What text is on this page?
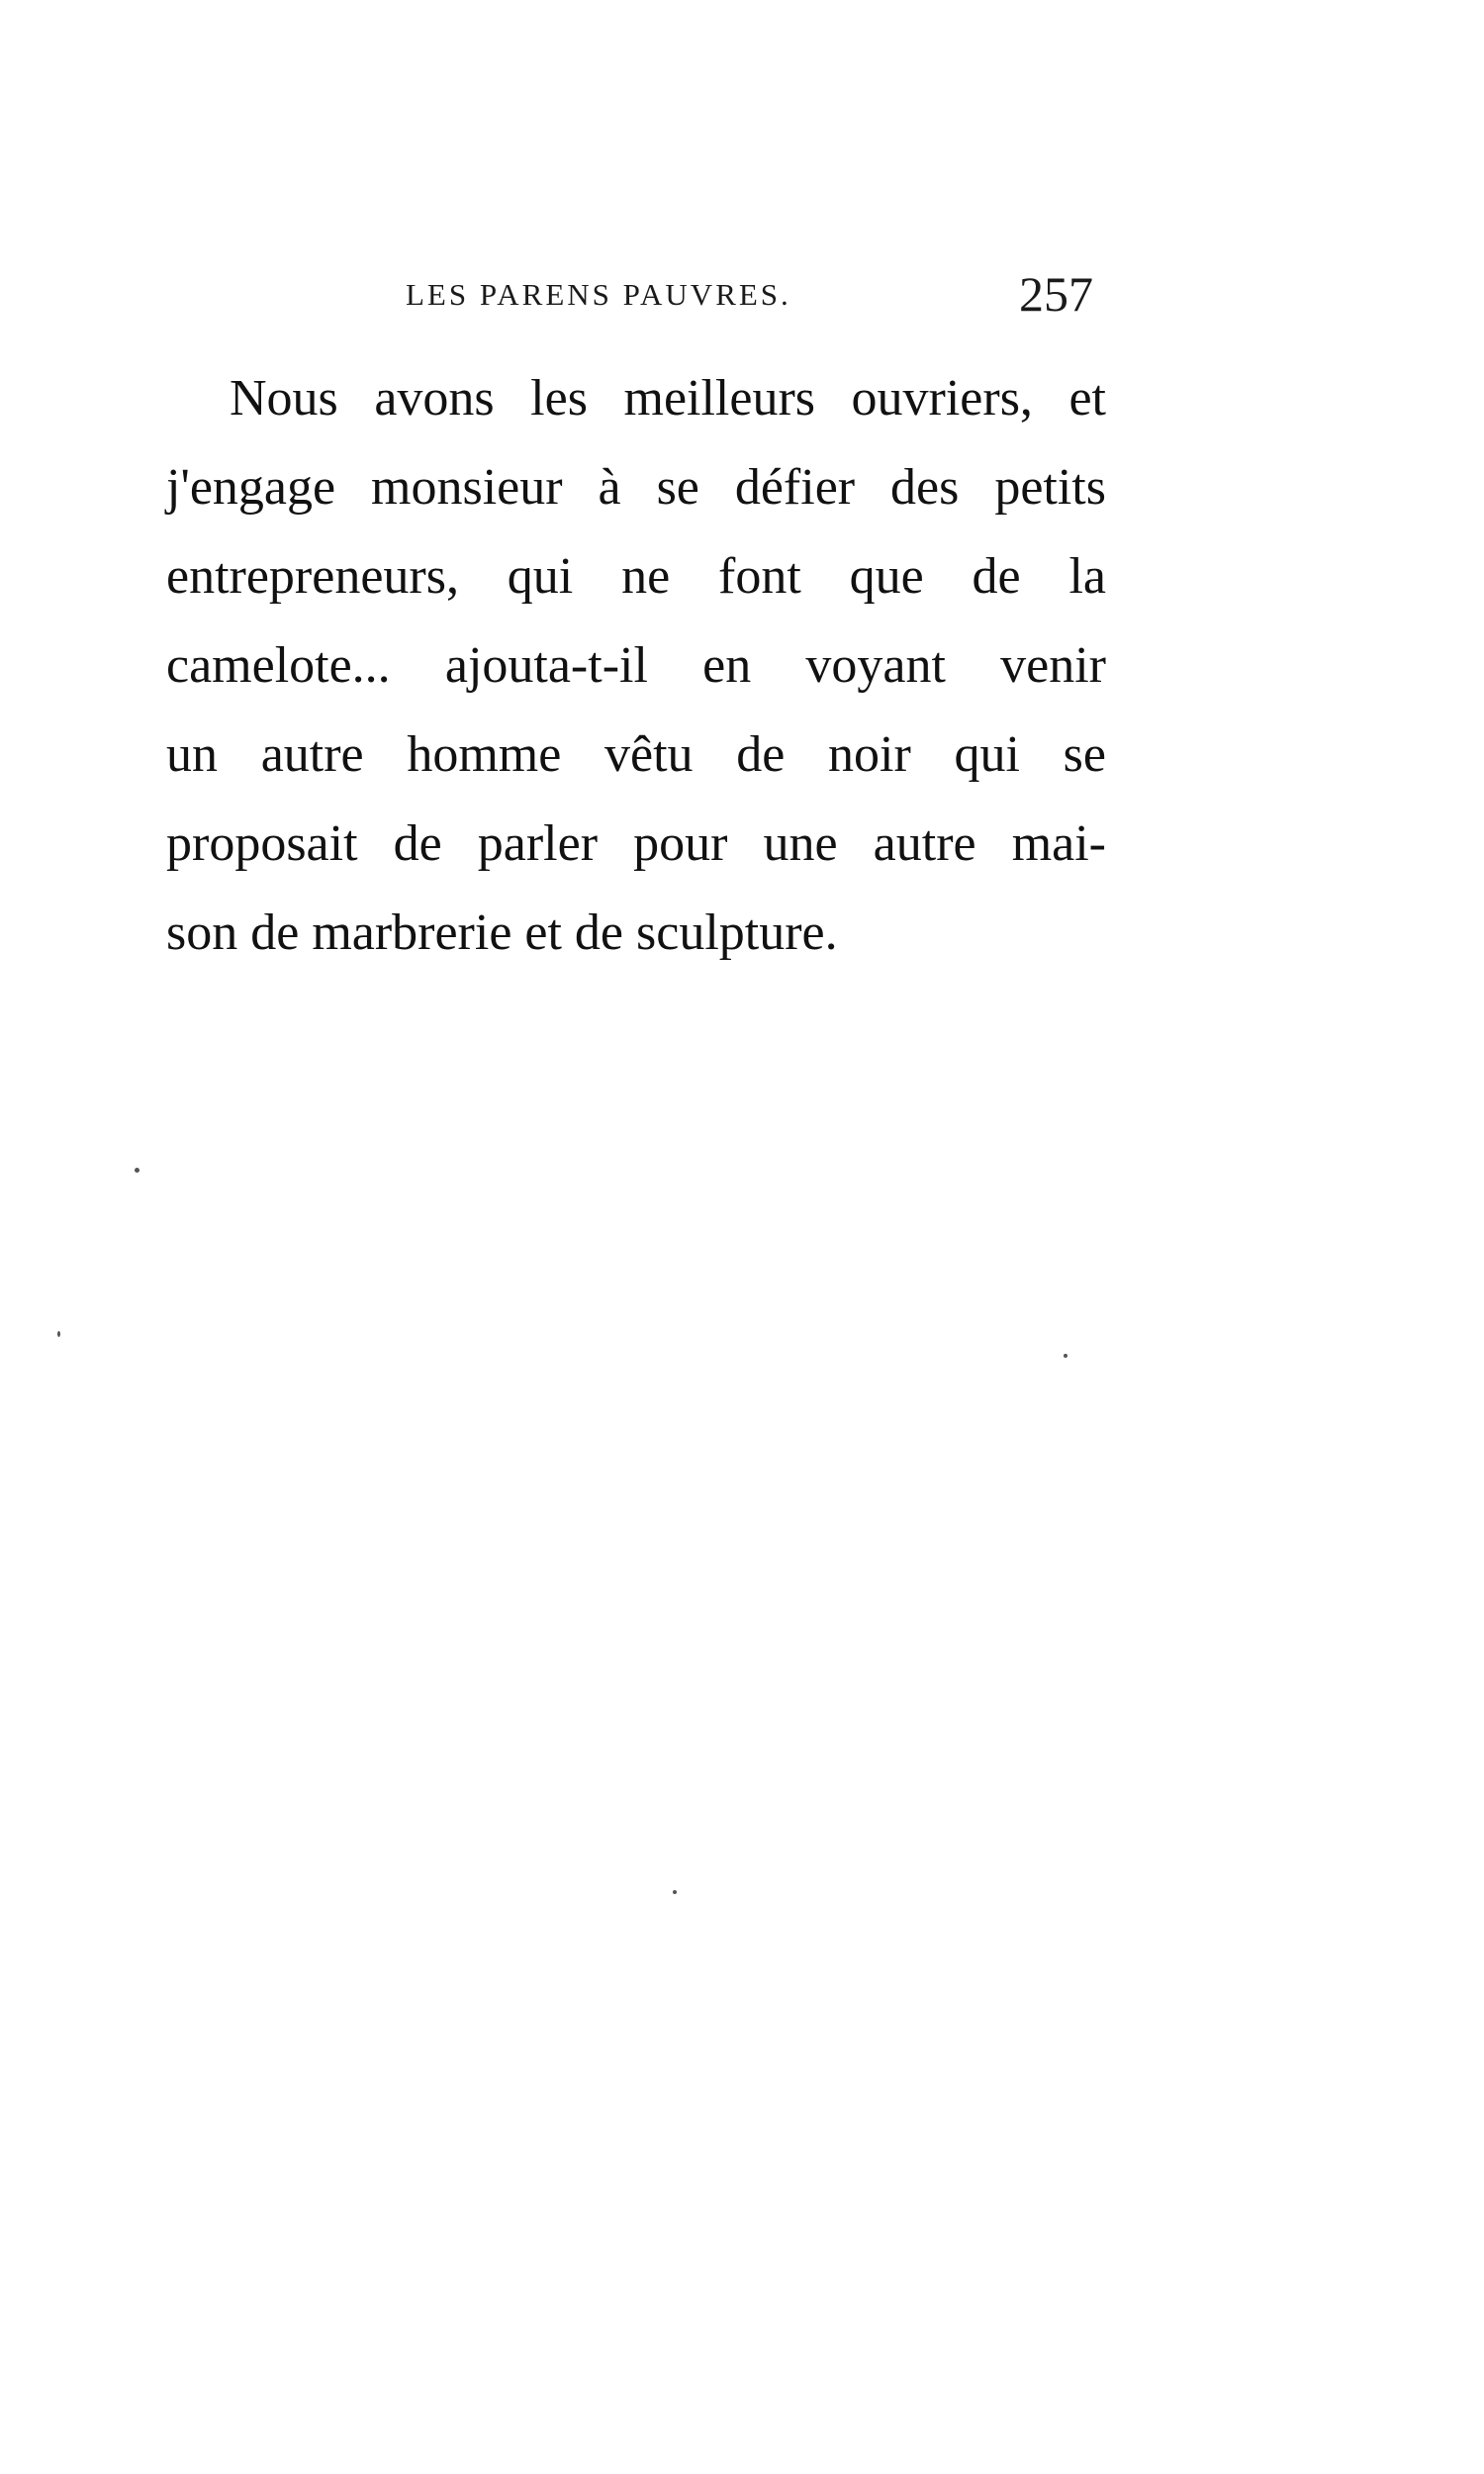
LES PARENS PAUVRES.	257
Nous avons les meilleurs ouvriers, et
j'engage monsieur à se défier des petits
entrepreneurs, qui ne font que de la
camelote... ajouta-t-il en voyant venir
un autre homme vêtu de noir qui se
proposait de parler pour une autre mai-
son de marbrerie et de sculpture.
